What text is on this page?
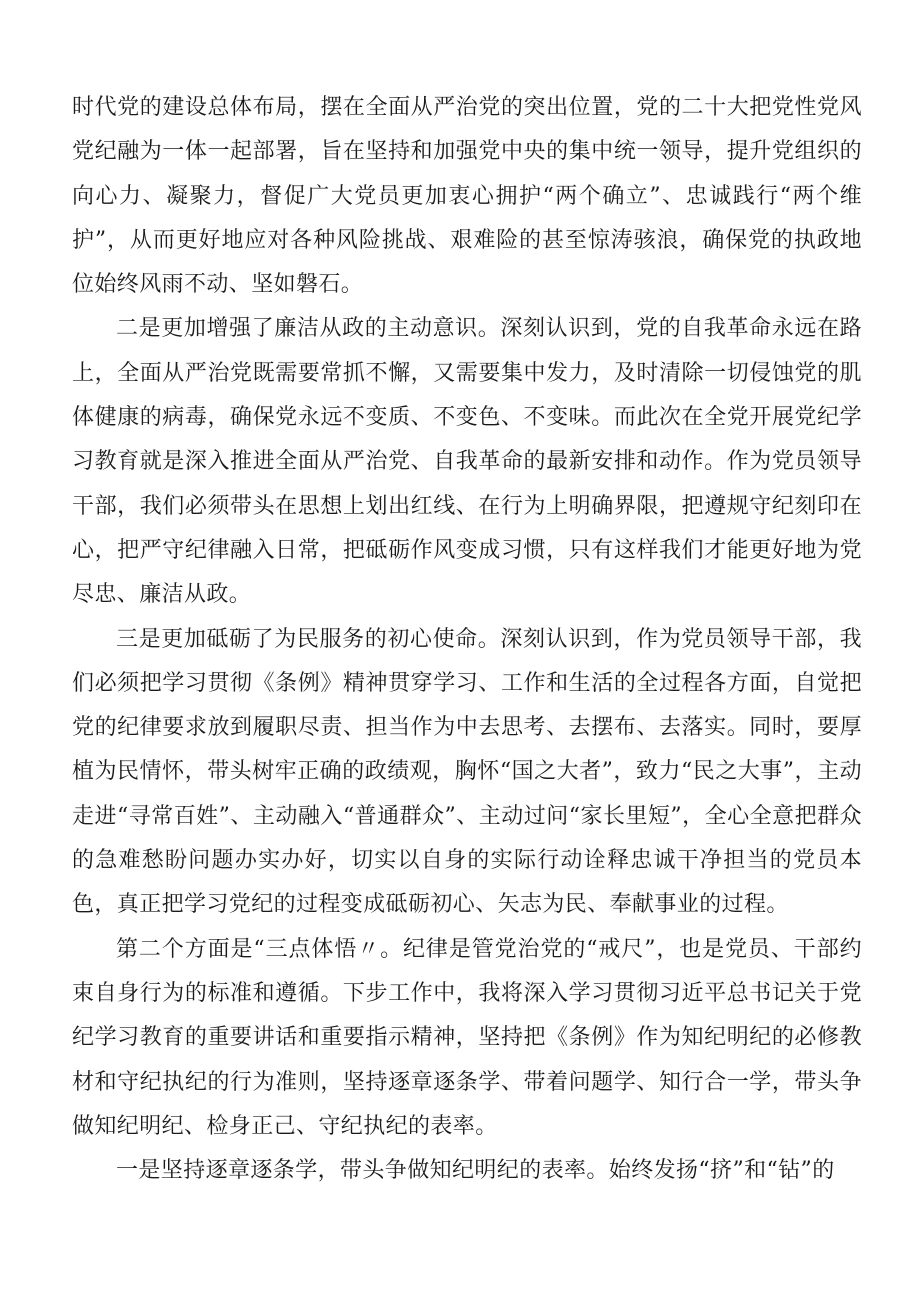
时代党的建设总体布局，摆在全面从严治党的突出位置，党的二十大把党性党风党纪融为一体一起部署，旨在坚持和加强党中央的集中统一领导，提升党组织的向心力、凝聚力，督促广大党员更加衷心拥护“两个确立”、忠诚践行“两个维护”，从而更好地应对各种风险挑战、艰难险的甚至惊涛骇浪，确保党的执政地位始终风雨不动、坚如磐石。

二是更加增强了廉洁从政的主动意识。深刻认识到，党的自我革命永远在路上，全面从严治党既需要常抓不懈，又需要集中发力，及时清除一切侵蚀党的肌体健康的病毒，确保党永远不变质、不变色、不变味。而此次在全党开展党纪学习教育就是深入推进全面从严治党、自我革命的最新安排和动作。作为党员领导干部，我们必须带头在思想上划出红线、在行为上明确界限，把遵规守纪刻印在心，把严守纪律融入日常，把砥砺作风变成习惯，只有这样我们才能更好地为党尽忠、廉洁从政。

三是更加砥砺了为民服务的初心使命。深刻认识到，作为党员领导干部，我们必须把学习贯彻《条例》精神贯穿学习、工作和生活的全过程各方面，自觉把党的纪律要求放到履职尽责、担当作为中去思考、去摆布、去落实。同时，要厚植为民情怀，带头树牢正确的政绩观，胸怀“国之大者”，致力“民之大事”，主动走进“寻常百姓”、主动融入“普通群众”、主动过问“家长里短”，全心全意把群众的急难愁盼问题办实办好，切实以自身的实际行动诠释忠诚干净担当的党员本色，真正把学习党纪的过程变成砥砺初心、矢志为民、奉献事业的过程。

第二个方面是“三点体悟〃。纪律是管党治党的“戒尺”，也是党员、干部约束自身行为的标准和遵循。下步工作中，我将深入学习贯彻习近平总书记关于党纪学习教育的重要讲话和重要指示精神，坚持把《条例》作为知纪明纪的必修教材和守纪执纪的行为准则，坚持逐章逐条学、带着问题学、知行合一学，带头争做知纪明纪、检身正己、守纪执纪的表率。

一是坚持逐章逐条学，带头争做知纪明纪的表率。始终发扬“挤”和“钻”的
